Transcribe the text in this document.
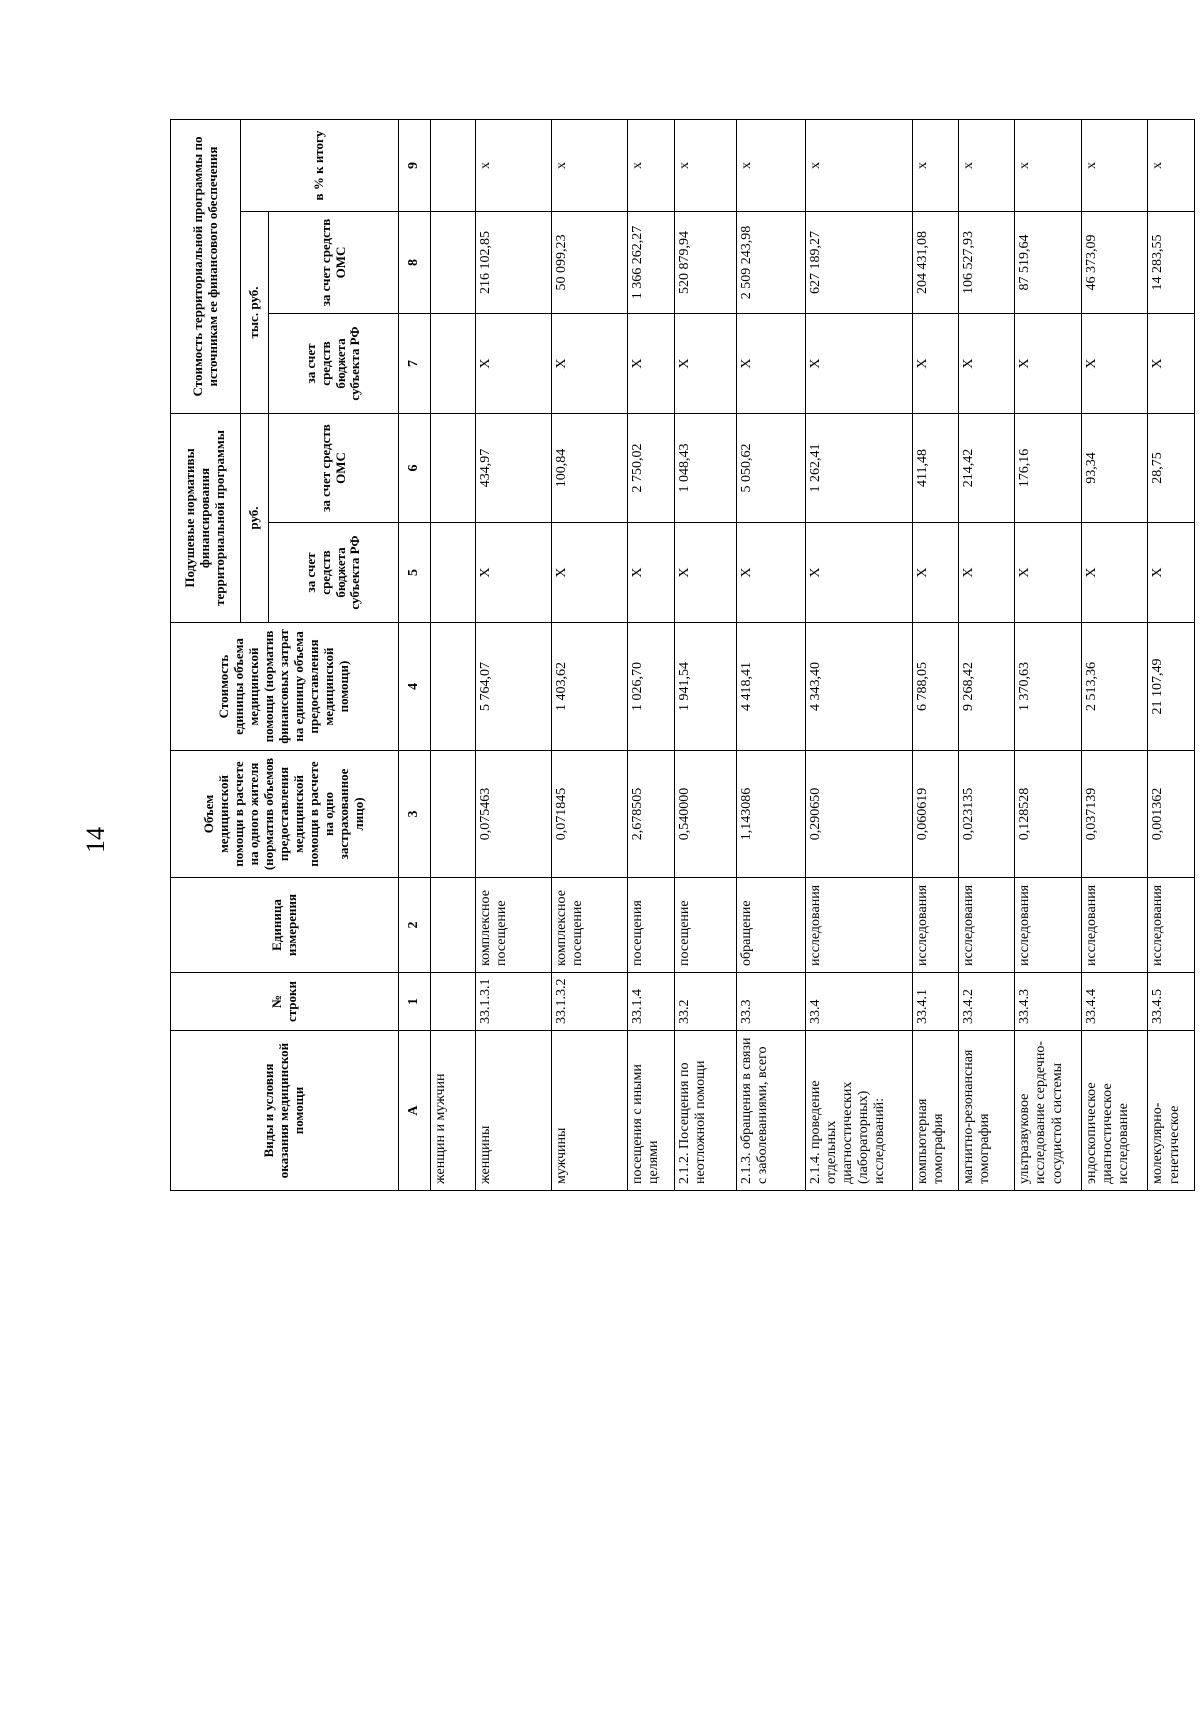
14
Виды и условия оказания медицинской помощи	№ строки	Единица измерения	Объем медицинской помощи в расчете на одного жителя (норматив объемов предоставления медицинской помощи в расчете на одно застрахованное лицо)	Стоимость единицы объема медицинской помощи (норматив финансовых затрат на единицу объема предоставления медицинской помощи)	Подушевые нормативы финансирования территориальной программы		Стоимость территориальной программы по источникам ее финансового обеспечения		
					руб.		тыс. руб.		в % к итогу
					за счет средств бюджета субъекта РФ	за счет средств ОМС	за счет средств бюджета субъекта РФ	за счет средств ОМС	
А	1	2	3	4	5	6	7	8	9
женщин и мужчин									
женщины	33.1.3.1	комплексное посещение	0,075463	5 764,07	Х	434,97	Х	216 102,85	х
мужчины	33.1.3.2	комплексное посещение	0,071845	1 403,62	Х	100,84	Х	50 099,23	х
посещения с иными целями	33.1.4	посещения	2,678505	1 026,70	Х	2 750,02	Х	1 366 262,27	х
2.1.2. Посещения по неотложной помощи	33.2	посещение	0,540000	1 941,54	Х	1 048,43	Х	520 879,94	х
2.1.3. обращения в связи с заболеваниями, всего	33.3	обращение	1,143086	4 418,41	Х	5 050,62	Х	2 509 243,98	х
2.1.4. проведение отдельных диагностических (лабораторных) исследований:	33.4	исследования	0,290650	4 343,40	Х	1 262,41	Х	627 189,27	х
компьютерная томография	33.4.1	исследования	0,060619	6 788,05	Х	411,48	Х	204 431,08	х
магнитно-резонансная томография	33.4.2	исследования	0,023135	9 268,42	Х	214,42	Х	106 527,93	х
ультразвуковое исследование сердечно-сосудистой системы	33.4.3	исследования	0,128528	1 370,63	Х	176,16	Х	87 519,64	х
эндоскопическое диагностическое исследование	33.4.4	исследования	0,037139	2 513,36	Х	93,34	Х	46 373,09	х
молекулярно-генетическое	33.4.5	исследования	0,001362	21 107,49	Х	28,75	Х	14 283,55	х
